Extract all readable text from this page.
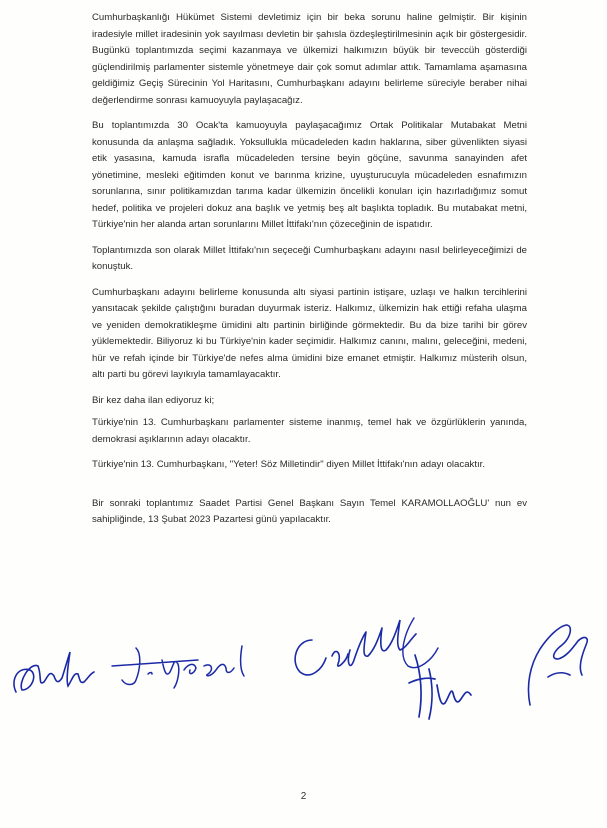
Cumhurbaşkanlığı Hükümet Sistemi devletimiz için bir beka sorunu haline gelmiştir. Bir kişinin iradesiyle millet iradesinin yok sayılması devletin bir şahısla özdeşleştirilmesinin açık bir göstergesidir. Bugünkü toplantımızda seçimi kazanmaya ve ülkemizi halkımızın büyük bir teveccüh gösterdiği güçlendirilmiş parlamenter sistemle yönetmeye dair çok somut adımlar attık. Tamamlama aşamasına geldiğimiz Geçiş Sürecinin Yol Haritasını, Cumhurbaşkanı adayını belirleme süreciyle beraber nihai değerlendirme sonrası kamuoyuyla paylaşacağız.

Bu toplantımızda 30 Ocak'ta kamuoyuyla paylaşacağımız Ortak Politikalar Mutabakat Metni konusunda da anlaşma sağladık. Yoksullukla mücadeleden kadın haklarına, siber güvenlikten siyasi etik yasasına, kamuda israfla mücadeleden tersine beyin göçüne, savunma sanayinden afet yönetimine, mesleki eğitimden konut ve barınma krizine, uyuşturucuyla mücadeleden esnafımızın sorunlarına, sınır politikamızdan tarıma kadar ülkemizin öncelikli konuları için hazırladığımız somut hedef, politika ve projeleri dokuz ana başlık ve yetmiş beş alt başlıkta topladık. Bu mutabakat metni, Türkiye'nin her alanda artan sorunlarını Millet İttifakı'nın çözeceğinin de ispatıdır.

Toplantımızda son olarak Millet İttifakı'nın seçeceği Cumhurbaşkanı adayını nasıl belirleyeceğimizi de konuştuk.

Cumhurbaşkanı adayını belirleme konusunda altı siyasi partinin istişare, uzlaşı ve halkın tercihlerini yansıtacak şekilde çalıştığını buradan duyurmak isteriz. Halkımız, ülkemizin hak ettiği refaha ulaşma ve yeniden demokratikleşme ümidini altı partinin birliğinde görmektedir. Bu da bize tarihi bir görev yüklemektedir. Biliyoruz ki bu Türkiye'nin kader seçimidir. Halkımız canını, malını, geleceğini, medeni, hür ve refah içinde bir Türkiye'de nefes alma ümidini bize emanet etmiştir. Halkımız müsterih olsun, altı parti bu görevi layıkıyla tamamlayacaktır.

Bir kez daha ilan ediyoruz ki;

Türkiye'nin 13. Cumhurbaşkanı parlamenter sisteme inanmış, temel hak ve özgürlüklerin yanında, demokrasi aşıklarının adayı olacaktır.

Türkiye'nin 13. Cumhurbaşkanı, "Yeter! Söz Milletindir" diyen Millet İttifakı'nın adayı olacaktır.

Bir sonraki toplantımız Saadet Partisi Genel Başkanı Sayın Temel KARAMOLLAOĞLU' nun ev sahipliğinde, 13 Şubat 2023 Pazartesi günü yapılacaktır.

2
